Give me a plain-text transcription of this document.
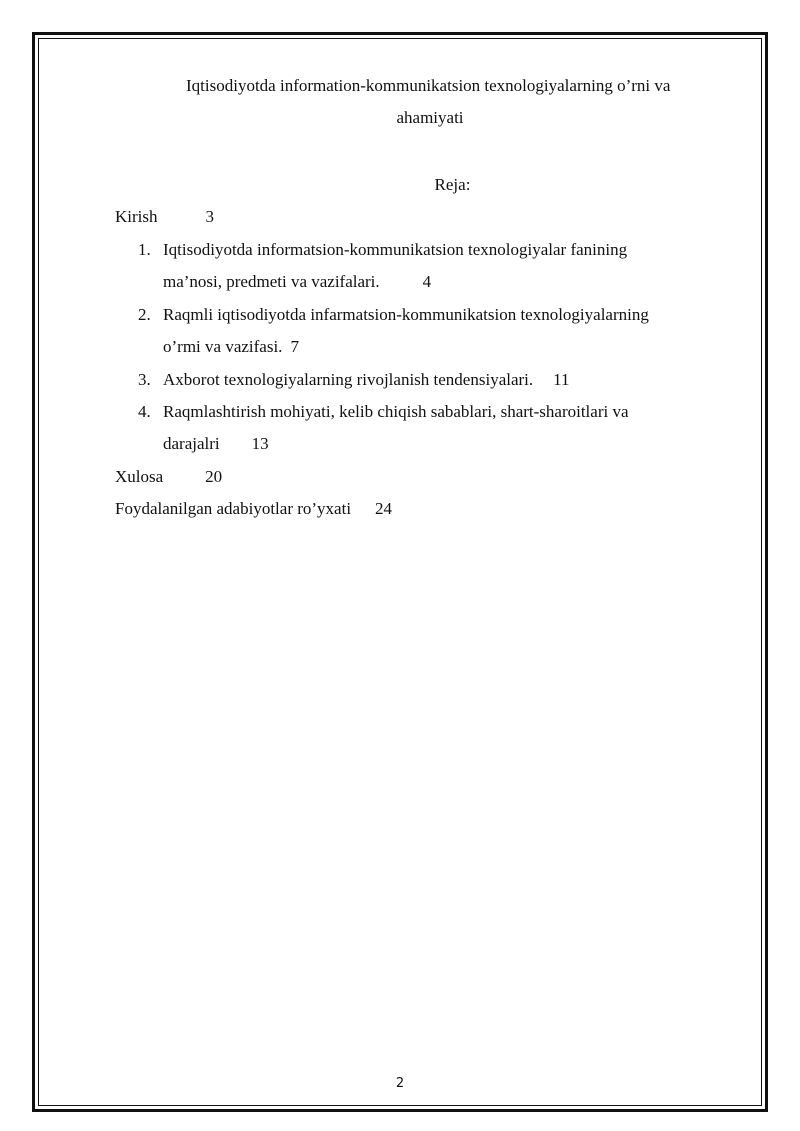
Iqtisodiyotda information-kommunikatsion texnologiyalarning o’rni va
ahamiyati
Reja:
Kirish	3
1. Iqtisodiyotda informatsion-kommunikatsion texnologiyalar fanining
ma’nosi, predmeti va vazifalari.	4
2. Raqmli iqtisodiyotda infarmatsion-kommunikatsion texnologiyalarning
o’rmi va vazifasi. 7
3. Axborot texnologiyalarning rivojlanish tendensiyalari. 11
4. Raqmlashtirish mohiyati, kelib chiqish sabablari, shart-sharoitlari va
darajalri 13
Xulosa 20
Foydalanilgan adabiyotlar ro’yxati 24
2
